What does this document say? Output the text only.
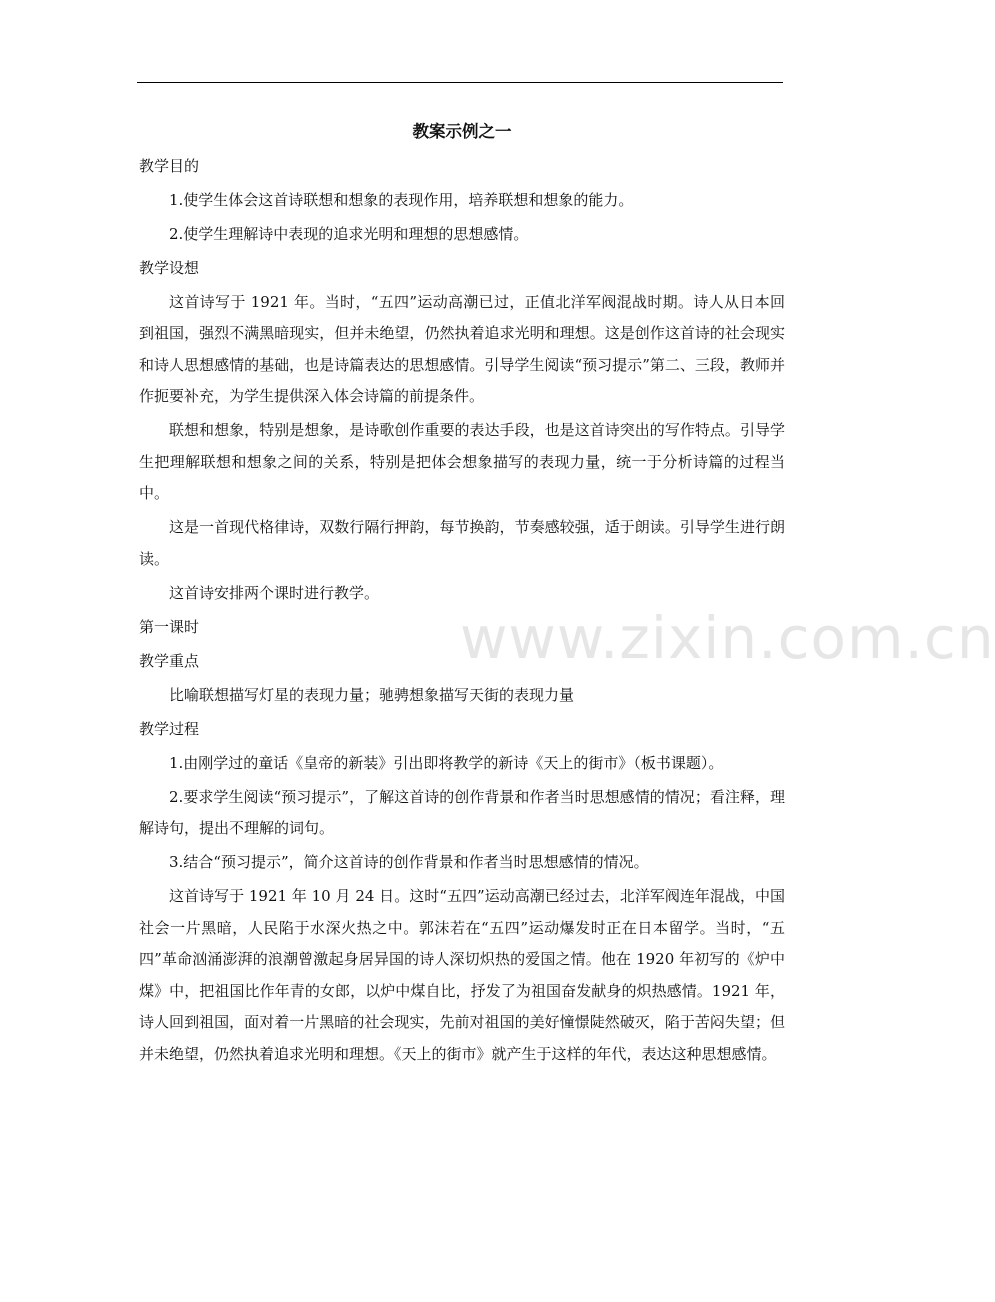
www.zixin.com.cn
教案示例之一

教学目的

1.使学生体会这首诗联想和想象的表现作用，培养联想和想象的能力。

2.使学生理解诗中表现的追求光明和理想的思想感情。

教学设想

这首诗写于 1921 年。当时，“五四”运动高潮已过，正值北洋军阀混战时期。诗人从日本回到祖国，强烈不满黑暗现实，但并未绝望，仍然执着追求光明和理想。这是创作这首诗的社会现实和诗人思想感情的基础，也是诗篇表达的思想感情。引导学生阅读“预习提示”第二、三段，教师并作扼要补充，为学生提供深入体会诗篇的前提条件。

联想和想象，特别是想象，是诗歌创作重要的表达手段，也是这首诗突出的写作特点。引导学生把理解联想和想象之间的关系，特别是把体会想象描写的表现力量，统一于分析诗篇的过程当中。

这是一首现代格律诗，双数行隔行押韵，每节换韵，节奏感较强，适于朗读。引导学生进行朗读。

这首诗安排两个课时进行教学。

第一课时

教学重点

比喻联想描写灯星的表现力量；驰骋想象描写天街的表现力量

教学过程

1.由刚学过的童话《皇帝的新装》引出即将教学的新诗《天上的街市》（板书课题）。

2.要求学生阅读“预习提示”，了解这首诗的创作背景和作者当时思想感情的情况；看注释，理解诗句，提出不理解的词句。

3.结合“预习提示”，简介这首诗的创作背景和作者当时思想感情的情况。

这首诗写于 1921 年 10 月 24 日。这时“五四”运动高潮已经过去，北洋军阀连年混战，中国社会一片黑暗，人民陷于水深火热之中。郭沫若在“五四”运动爆发时正在日本留学。当时，“五四”革命汹涌澎湃的浪潮曾激起身居异国的诗人深切炽热的爱国之情。他在 1920 年初写的《炉中煤》中，把祖国比作年青的女郎，以炉中煤自比，抒发了为祖国奋发献身的炽热感情。1921 年，诗人回到祖国，面对着一片黑暗的社会现实，先前对祖国的美好憧憬陡然破灭，陷于苦闷失望；但并未绝望，仍然执着追求光明和理想。《天上的街市》就产生于这样的年代，表达这种思想感情。
